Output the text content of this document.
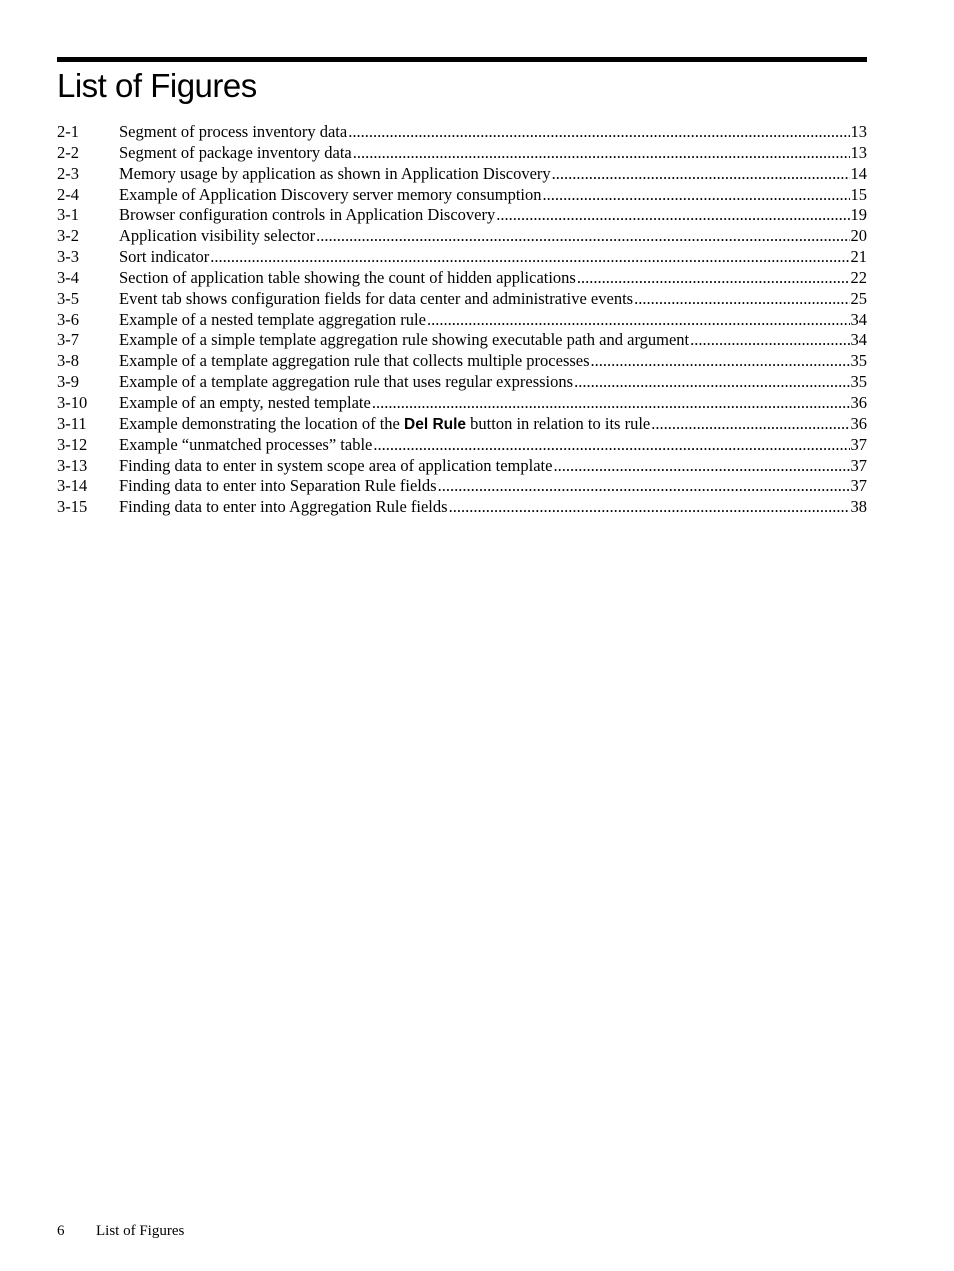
List of Figures
2-1	Segment of process inventory data .....	13
2-2	Segment of package inventory data .....	13
2-3	Memory usage by application as shown in Application Discovery .....	14
2-4	Example of Application Discovery server memory consumption .....	15
3-1	Browser configuration controls in Application Discovery .....	19
3-2	Application visibility selector .....	20
3-3	Sort indicator .....	21
3-4	Section of application table showing the count of hidden applications .....	22
3-5	Event tab shows configuration fields for data center and administrative events .....	25
3-6	Example of a nested template aggregation rule .....	34
3-7	Example of a simple template aggregation rule showing executable path and argument .....	34
3-8	Example of a template aggregation rule that collects multiple processes .....	35
3-9	Example of a template aggregation rule that uses regular expressions .....	35
3-10	Example of an empty, nested template .....	36
3-11	Example demonstrating the location of the Del Rule button in relation to its rule .....	36
3-12	Example “unmatched processes” table .....	37
3-13	Finding data to enter in system scope area of application template .....	37
3-14	Finding data to enter into Separation Rule fields .....	37
3-15	Finding data to enter into Aggregation Rule fields .....	38
6	List of Figures
